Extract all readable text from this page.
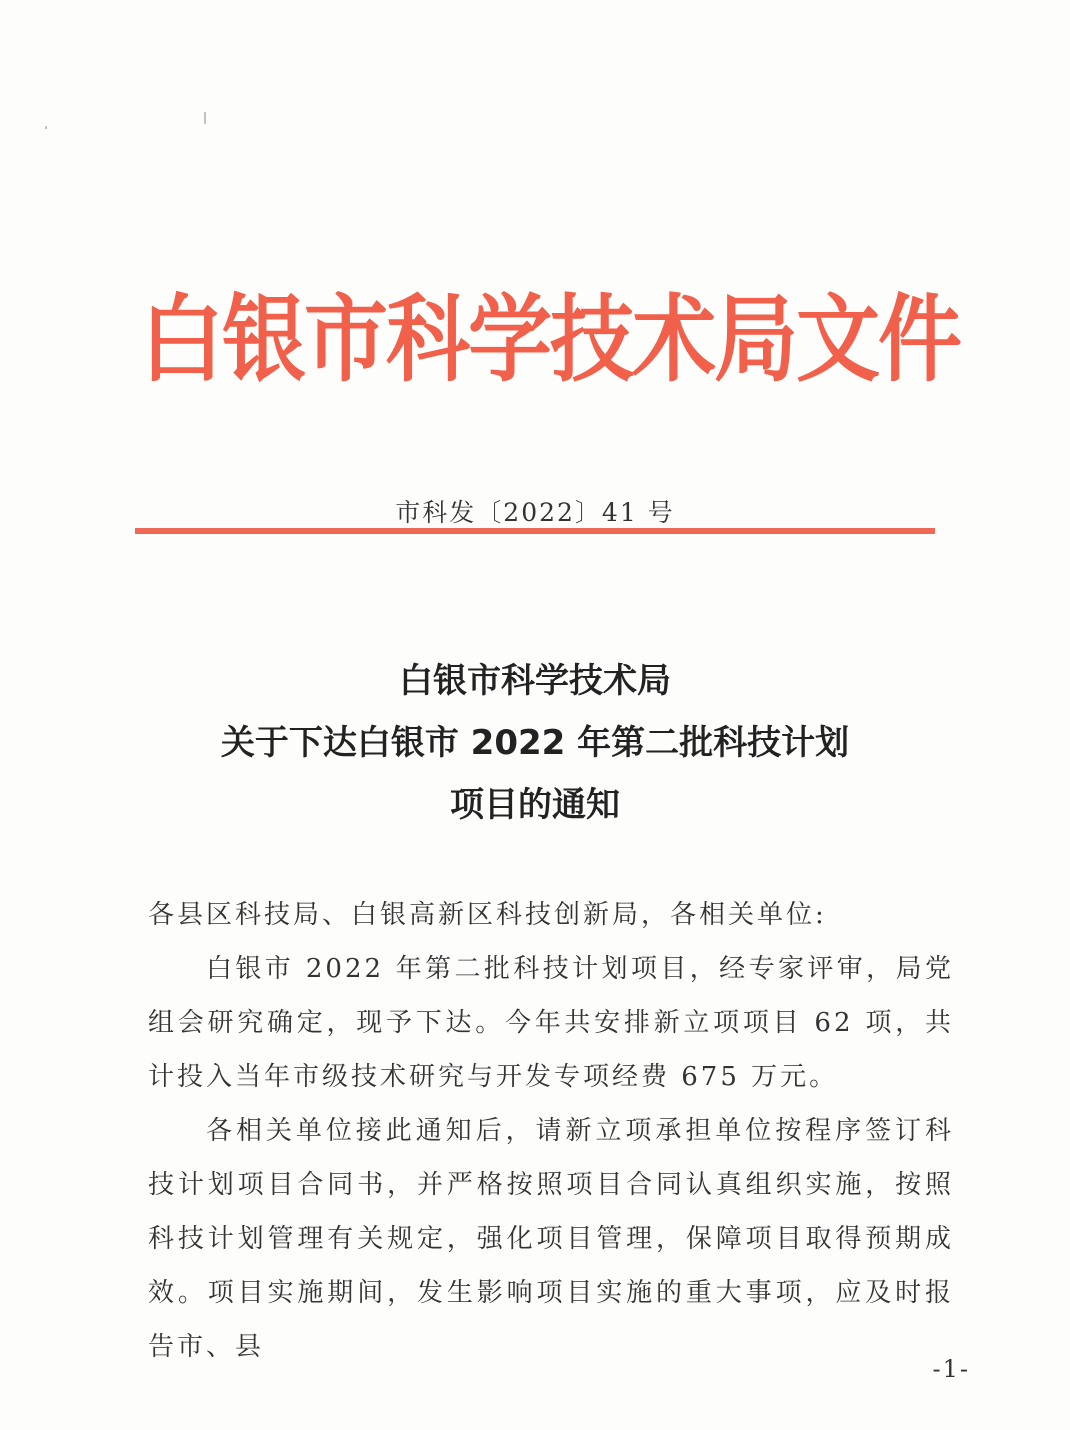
白银市科学技术局文件
市科发〔2022〕41 号
白银市科学技术局
关于下达白银市 2022 年第二批科技计划
项目的通知

各县区科技局、白银高新区科技创新局，各相关单位:

白银市 2022 年第二批科技计划项目，经专家评审，局党组会研究确定，现予下达。今年共安排新立项项目 62 项，共计投入当年市级技术研究与开发专项经费 675 万元。

各相关单位接此通知后，请新立项承担单位按程序签订科技计划项目合同书，并严格按照项目合同认真组织实施，按照科技计划管理有关规定，强化项目管理，保障项目取得预期成效。项目实施期间，发生影响项目实施的重大事项，应及时报告市、县

-1-
